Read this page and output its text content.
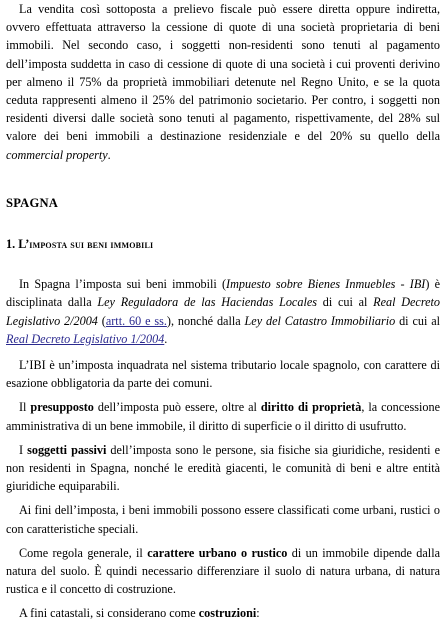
La vendita così sottoposta a prelievo fiscale può essere diretta oppure indiretta, ovvero effettuata attraverso la cessione di quote di una società proprietaria di beni immobili. Nel secondo caso, i soggetti non-residenti sono tenuti al pagamento dell’imposta suddetta in caso di cessione di quote di una società i cui proventi derivino per almeno il 75% da proprietà immobiliari detenute nel Regno Unito, e se la quota ceduta rappresenti almeno il 25% del patrimonio societario. Per contro, i soggetti non residenti diversi dalle società sono tenuti al pagamento, rispettivamente, del 28% sul valore dei beni immobili a destinazione residenziale e del 20% su quello della commercial property.

SPAGNA

1. L’imposta sui beni immobili

In Spagna l’imposta sui beni immobili (Impuesto sobre Bienes Inmuebles - IBI) è disciplinata dalla Ley Reguladora de las Haciendas Locales di cui al Real Decreto Legislativo 2/2004 (artt. 60 e ss.), nonché dalla Ley del Catastro Immobiliario di cui al Real Decreto Legislativo 1/2004.

L’IBI è un’imposta inquadrata nel sistema tributario locale spagnolo, con carattere di esazione obbligatoria da parte dei comuni.

Il presupposto dell’imposta può essere, oltre al diritto di proprietà, la concessione amministrativa di un bene immobile, il diritto di superficie o il diritto di usufrutto.

I soggetti passivi dell’imposta sono le persone, sia fisiche sia giuridiche, residenti e non residenti in Spagna, nonché le eredità giacenti, le comunità di beni e altre entità giuridiche equiparabili.

Ai fini dell’imposta, i beni immobili possono essere classificati come urbani, rustici o con caratteristiche speciali.

Come regola generale, il carattere urbano o rustico di un immobile dipende dalla natura del suolo. È quindi necessario differenziare il suolo di natura urbana, di natura rustica e il concetto di costruzione.

A fini catastali, si considerano come costruzioni:
